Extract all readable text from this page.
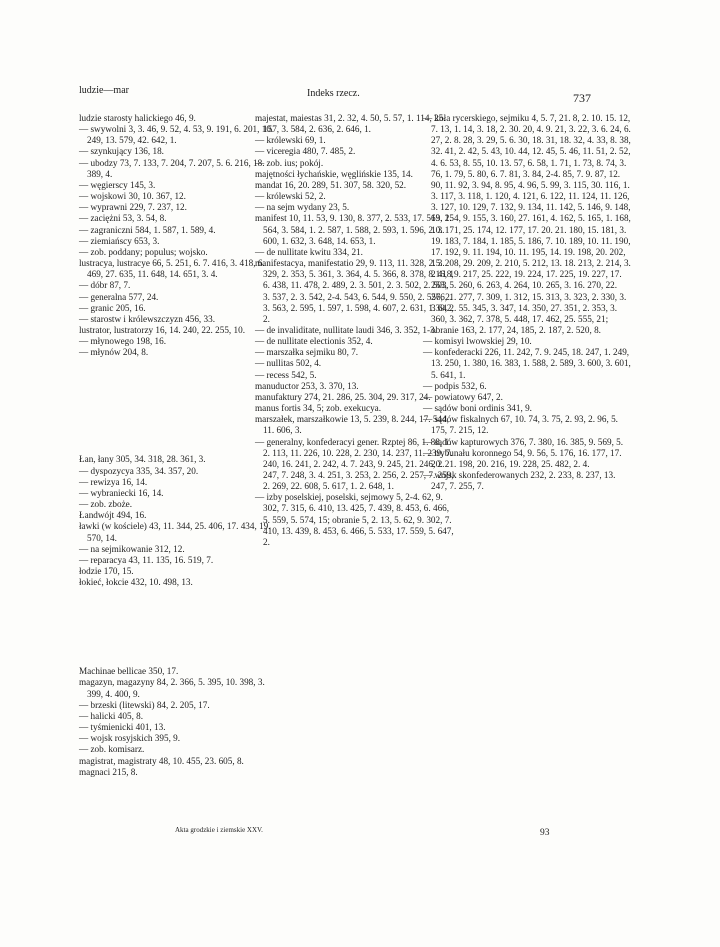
ludzie—mar	Indeks rzecz.	737

ludzie starosty halickiego 46, 9.

— swywolni 3, 3. 46, 9. 52, 4. 53, 9. 191, 6. 201, 10. 249, 13. 579, 42. 642, 1.

— szynkujący 136, 18.

— ubodzy 73, 7. 133, 7. 204, 7. 207, 5. 6. 216, 18. 389, 4.

— węgierscy 145, 3.

— wojskowi 30, 10. 367, 12.

— wyprawni 229, 7. 237, 12.

— zaciężni 53, 3. 54, 8.

— zagraniczni 584, 1. 587, 1. 589, 4.

— ziemiańscy 653, 3.

— zob. poddany; populus; wojsko.

lustracya, lustracye 66, 5. 251, 6. 7. 416, 3. 418, 6. 469, 27. 635, 11. 648, 14. 651, 3. 4.

— dóbr 87, 7.

— generalna 577, 24.

— granic 205, 16.

— starostw i królewszczyzn 456, 33.

lustrator, lustratorzy 16, 14. 240, 22. 255, 10.

— młynowego 198, 16.

— młynów 204, 8.

Łan, łany 305, 34. 318, 28. 361, 3.

— dyspozycya 335, 34. 357, 20.

— rewizya 16, 14.

— wybraniecki 16, 14.

— zob. zboże.

Łandwójt 494, 16.

ławki (w kościele) 43, 11. 344, 25. 406, 17. 434, 19. 570, 14.

— na sejmikowanie 312, 12.

— reparacya 43, 11. 135, 16. 519, 7.

łodzie 170, 15.

łokieć, łokcie 432, 10. 498, 13.

Machinae bellicae 350, 17.

magazyn, magazyny 84, 2. 366, 5. 395, 10. 398, 3. 399, 4. 400, 9.

— brzeski (litewski) 84, 2. 205, 17.

— halicki 405, 8.

— tyśmienicki 401, 13.

— wojsk rosyjskich 395, 9.

— zob. komisarz.

magistrat, magistraty 48, 10. 455, 23. 605, 8.

magnaci 215, 8.

majestat, maiestas 31, 2. 32, 4. 50, 5. 57, 1. 114, 25. 157, 3. 584, 2. 636, 2. 646, 1.

— królewski 69, 1.

— viceregia 480, 7. 485, 2.

— zob. ius; pokój.

majętności łychańskie, węglińskie 135, 14.

mandat 16, 20. 289, 51. 307, 58. 320, 52.

— królewski 52, 2.

— na sejm wydany 23, 5.

manifest 10, 11. 53, 9. 130, 8. 377, 2. 533, 17. 563, 2. 564, 3. 584, 1. 2. 587, 1. 588, 2. 593, 1. 596, 2. 3. 600, 1. 632, 3. 648, 14. 653, 1.

— de nullitate kwitu 334, 21.

manifestacya, manifestatio 29, 9. 113, 11. 328, 2. 3. 329, 2. 353, 5. 361, 3. 364, 4. 5. 366, 8. 378, 8. 418, 6. 438, 11. 478, 2. 489, 2. 3. 501, 2. 3. 502, 2. 503, 3. 537, 2. 3. 542, 2-4. 543, 6. 544, 9. 550, 2. 556, 2. 3. 563, 2. 595, 1. 597, 1. 598, 4. 607, 2. 631, 1. 642, 2.

— de invaliditate, nullitate laudi 346, 3. 352, 1-3.

— de nullitate electionis 352, 4.

— marszałka sejmiku 80, 7.

— nullitas 502, 4.

— recess 542, 5.

manuductor 253, 3. 370, 13.

manufaktury 274, 21. 286, 25. 304, 29. 317, 24.

manus fortis 34, 5; zob. exekucya.

marszałek, marszałkowie 13, 5. 239, 8. 244, 17. 544, 11. 606, 3.

— generalny, konfederacyi gener. Rzptej 86, 1. 88, 1. 2. 113, 11. 226, 10. 228, 2. 230, 14. 237, 11. 239, 7. 240, 16. 241, 2. 242, 4. 7. 243, 9. 245, 21. 246, 2. 247, 7. 248, 3. 4. 251, 3. 253, 2. 256, 2. 257, 7. 259, 2. 269, 22. 608, 5. 617, 1. 2. 648, 1.

— izby poselskiej, poselski, sejmowy 5, 2-4. 62, 9. 302, 7. 315, 6. 410, 13. 425, 7. 439, 8. 453, 6. 466, 5. 559, 5. 574, 15; obranie 5, 2. 13, 5. 62, 9. 302, 7. 410, 13. 439, 8. 453, 6. 466, 5. 533, 17. 559, 5. 647, 2.

— koła rycerskiego, sejmiku 4, 5. 7, 21. 8, 2. 10. 15. 12, 7. 13, 1. 14, 3. 18, 2. 30. 20, 4. 9. 21, 3. 22, 3. 6. 24, 6. 27, 2. 8. 28, 3. 29, 5. 6. 30, 18. 31, 18. 32, 4. 33, 8. 38, 32. 41, 2. 42, 5. 43, 10. 44, 12. 45, 5. 46, 11. 51, 2. 52, 4. 6. 53, 8. 55, 10. 13. 57, 6. 58, 1. 71, 1. 73, 8. 74, 3. 76, 1. 79, 5. 80, 6. 7. 81, 3. 84, 2-4. 85, 7. 9. 87, 12. 90, 11. 92, 3. 94, 8. 95, 4. 96, 5. 99, 3. 115, 30. 116, 1. 3. 117, 3. 118, 1. 120, 4. 121, 6. 122, 11. 124, 11. 126, 3. 127, 10. 129, 7. 132, 9. 134, 11. 142, 5. 146, 9. 148, 19. 154, 9. 155, 3. 160, 27. 161, 4. 162, 5. 165, 1. 168, 10. 171, 25. 174, 12. 177, 17. 20. 21. 180, 15. 181, 3. 19. 183, 7. 184, 1. 185, 5. 186, 7. 10. 189, 10. 11. 190, 17. 192, 9. 11. 194, 10. 11. 195, 14. 19. 198, 20. 202, 15. 208, 29. 209, 2. 210, 5. 212, 13. 18. 213, 2. 214, 3. 216, 19. 217, 25. 222, 19. 224, 17. 225, 19. 227, 17. 253, 5. 260, 6. 263, 4. 264, 10. 265, 3. 16. 270, 22. 276, 1. 277, 7. 309, 1. 312, 15. 313, 3. 323, 2. 330, 3. 339, 2. 55. 345, 3. 347, 14. 350, 27. 351, 2. 353, 3. 360, 3. 362, 7. 378, 5. 448, 17. 462, 25. 555, 21; obranie 163, 2. 177, 24, 185, 2. 187, 2. 520, 8.

— komisyi lwowskiej 29, 10.

— konfederacki 226, 11. 242, 7. 9. 245, 18. 247, 1. 249, 13. 250, 1. 380, 16. 383, 1. 588, 2. 589, 3. 600, 3. 601, 5. 641, 1.

— podpis 532, 6.

— powiatowy 647, 2.

— sądów boni ordinis 341, 9.

— sądów fiskalnych 67, 10. 74, 3. 75, 2. 93, 2. 96, 5. 175, 7. 215, 12.

— sądów kapturowych 376, 7. 380, 16. 385, 9. 569, 5.

— trybunału koronnego 54, 9. 56, 5. 176, 16. 177, 17. 20. 21. 198, 20. 216, 19. 228, 25. 482, 2. 4.

— wojsk skonfederowanych 232, 2. 233, 8. 237, 13. 247, 7. 255, 7.

Akta grodzkie i ziemskie XXV.	93
